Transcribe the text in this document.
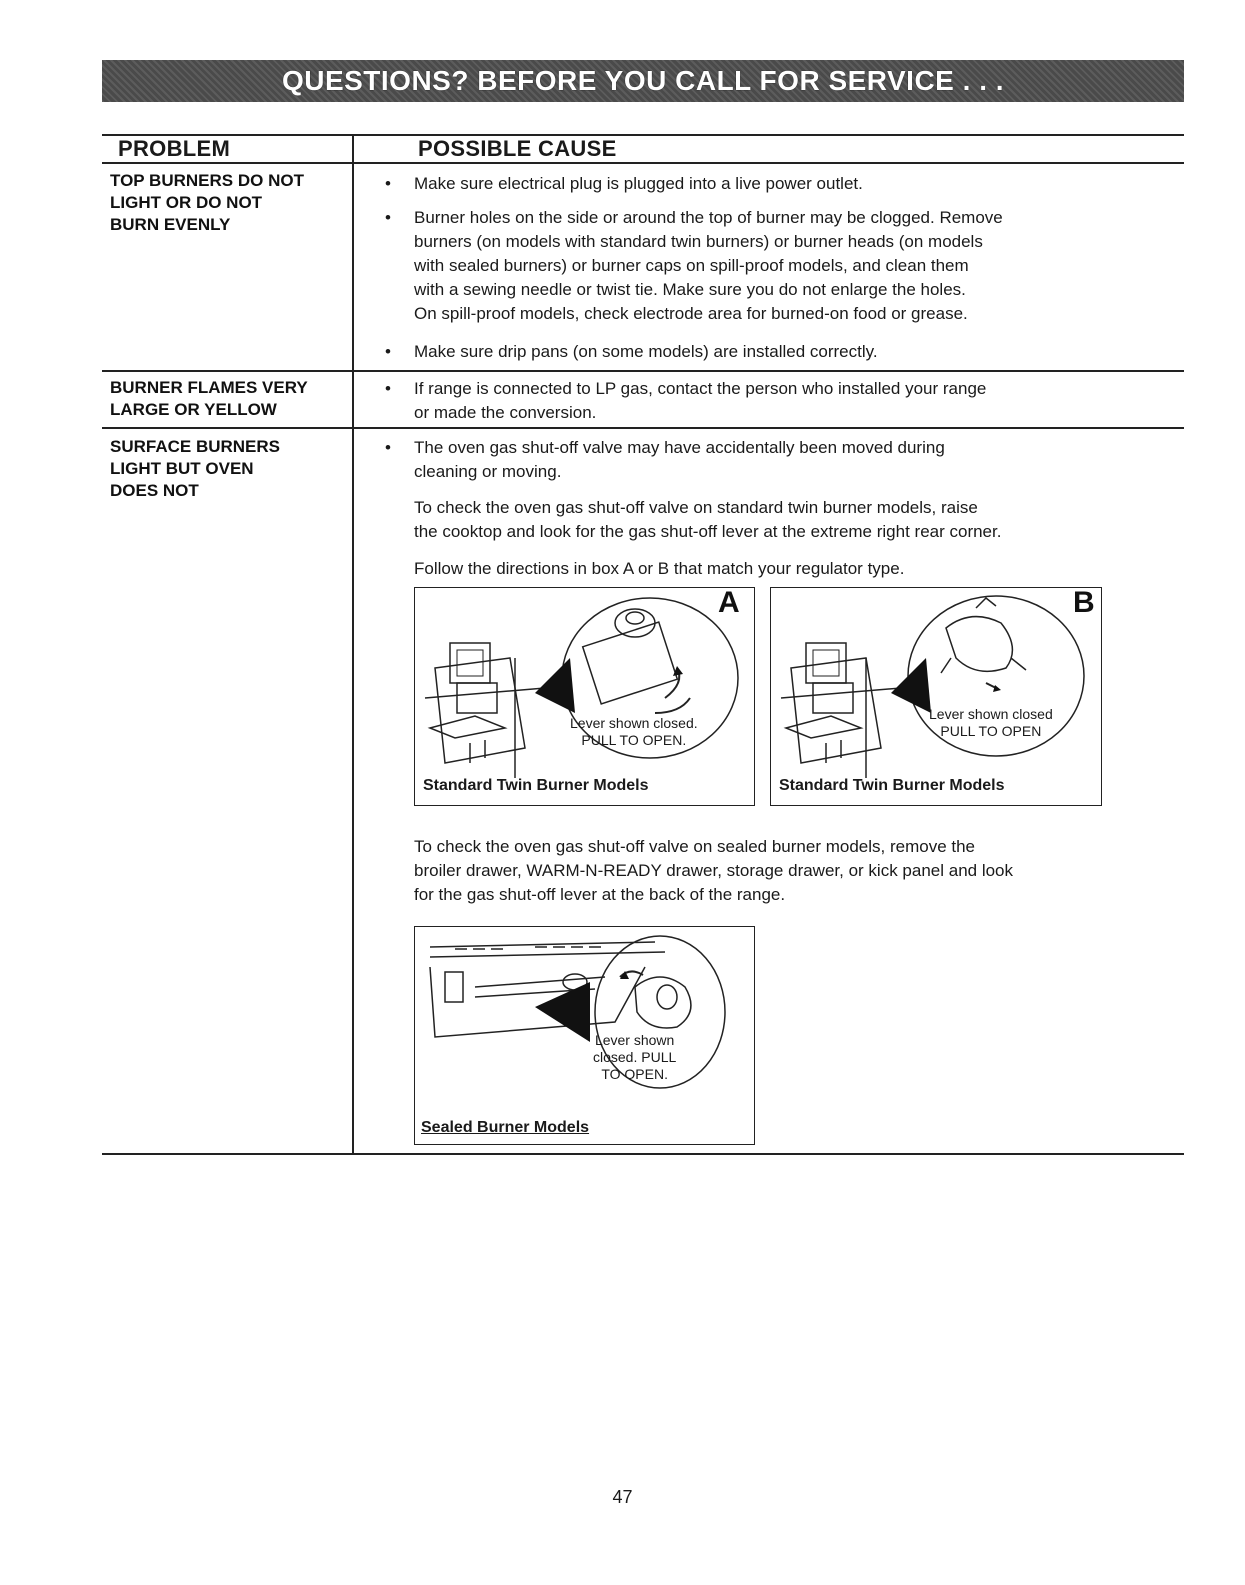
QUESTIONS? BEFORE YOU CALL FOR SERVICE . . .
PROBLEM	POSSIBLE CAUSE
TOP BURNERS DO NOT
LIGHT OR DO NOT
BURN EVENLY
• Make sure electrical plug is plugged into a live power outlet.
• Burner holes on the side or around the top of burner may be clogged. Remove
burners (on models with standard twin burners) or burner heads (on models
with sealed burners) or burner caps on spill-proof models, and clean them
with a sewing needle or twist tie. Make sure you do not enlarge the holes.
On spill-proof models, check electrode area for burned-on food or grease.
• Make sure drip pans (on some models) are installed correctly.
BURNER FLAMES VERY
LARGE OR YELLOW
• If range is connected to LP gas, contact the person who installed your range
or made the conversion.
SURFACE BURNERS
LIGHT BUT OVEN
DOES NOT
• The oven gas shut-off valve may have accidentally been moved during
cleaning or moving.
To check the oven gas shut-off valve on standard twin burner models, raise
the cooktop and look for the gas shut-off lever at the extreme right rear corner.
Follow the directions in box A or B that match your regulator type.
A
Lever shown closed.
PULL TO OPEN.
Standard Twin Burner Models
B
Lever shown closed
PULL TO OPEN
Standard Twin Burner Models
To check the oven gas shut-off valve on sealed burner models, remove the
broiler drawer, WARM-N-READY drawer, storage drawer, or kick panel and look
for the gas shut-off lever at the back of the range.
Lever shown
closed. PULL
TO OPEN.
Sealed Burner Models
47
